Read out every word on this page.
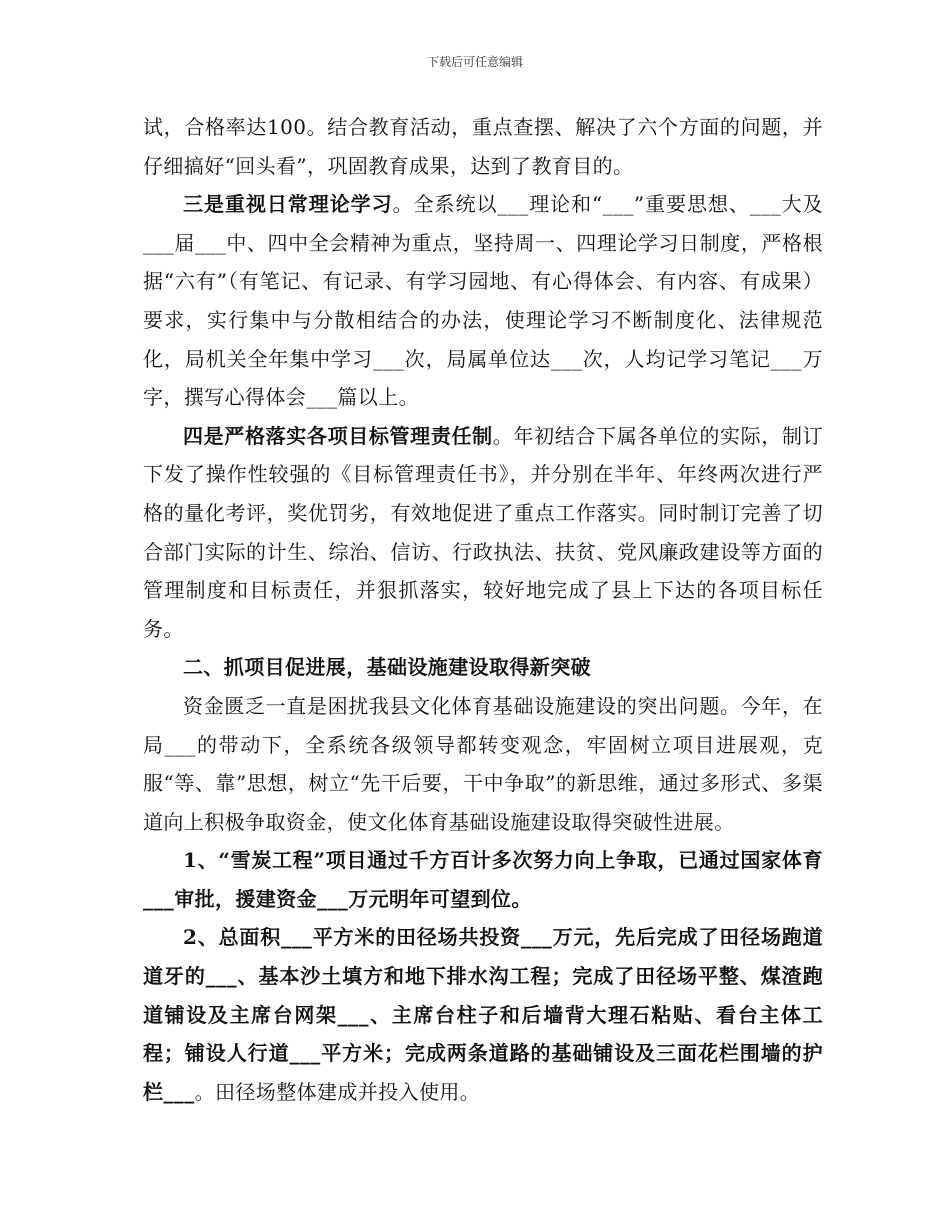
下载后可任意编辑

试，合格率达100。结合教育活动，重点查摆、解决了六个方面的问题，并仔细搞好“回头看”，巩固教育成果，达到了教育目的。

三是重视日常理论学习。全系统以___理论和“___”重要思想、___大及___届___中、四中全会精神为重点，坚持周一、四理论学习日制度，严格根据“六有”（有笔记、有记录、有学习园地、有心得体会、有内容、有成果）要求，实行集中与分散相结合的办法，使理论学习不断制度化、法律规范化，局机关全年集中学习___次，局属单位达___次，人均记学习笔记___万字，撰写心得体会___篇以上。

四是严格落实各项目标管理责任制。年初结合下属各单位的实际，制订下发了操作性较强的《目标管理责任书》，并分别在半年、年终两次进行严格的量化考评，奖优罚劣，有效地促进了重点工作落实。同时制订完善了切合部门实际的计生、综治、信访、行政执法、扶贫、党风廉政建设等方面的管理制度和目标责任，并狠抓落实，较好地完成了县上下达的各项目标任务。

二、抓项目促进展，基础设施建设取得新突破

资金匮乏一直是困扰我县文化体育基础设施建设的突出问题。今年，在局___的带动下，全系统各级领导都转变观念，牢固树立项目进展观，克服“等、靠”思想，树立“先干后要，干中争取”的新思维，通过多形式、多渠道向上积极争取资金，使文化体育基础设施建设取得突破性进展。

1、“雪炭工程”项目通过千方百计多次努力向上争取，已通过国家体育___审批，援建资金___万元明年可望到位。

2、总面积___平方米的田径场共投资___万元，先后完成了田径场跑道道牙的___、基本沙土填方和地下排水沟工程；完成了田径场平整、煤渣跑道铺设及主席台网架___、主席台柱子和后墙背大理石粘贴、看台主体工程；铺设人行道___平方米；完成两条道路的基础铺设及三面花栏围墙的护栏___。田径场整体建成并投入使用。
